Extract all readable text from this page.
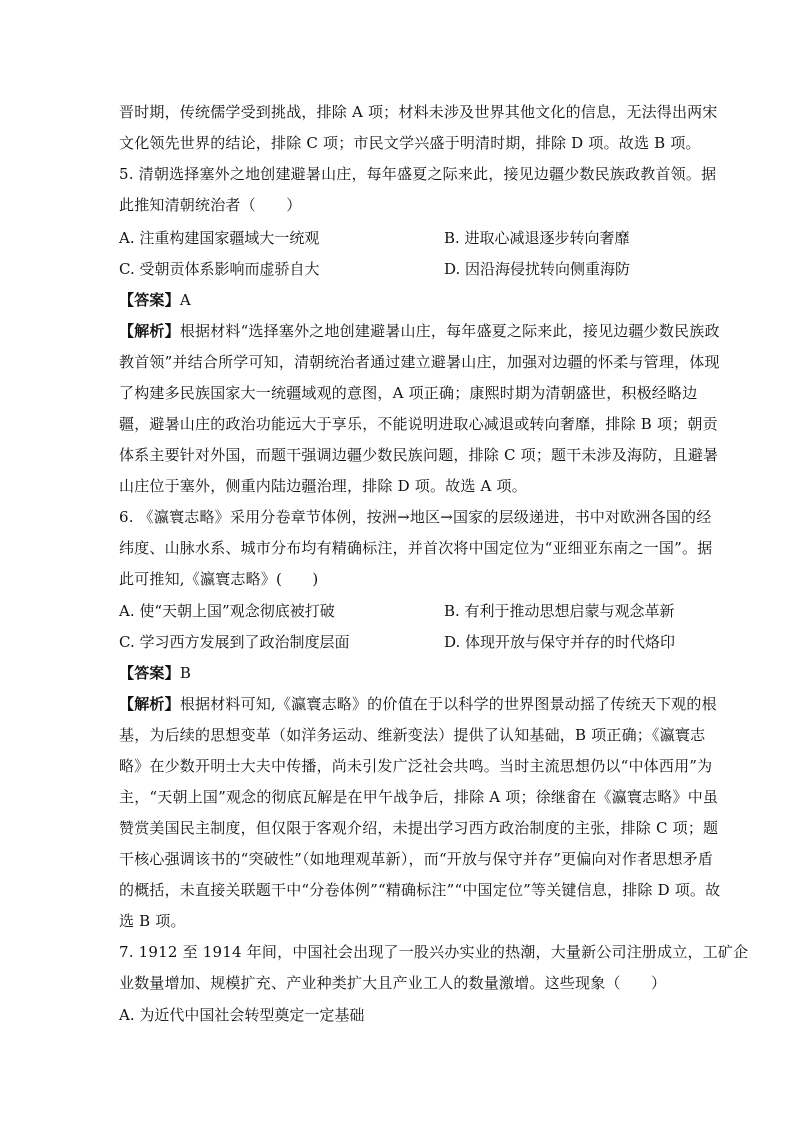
晋时期，传统儒学受到挑战，排除 A 项；材料未涉及世界其他文化的信息，无法得出两宋
文化领先世界的结论，排除 C 项；市民文学兴盛于明清时期，排除 D 项。故选 B 项。
5. 清朝选择塞外之地创建避暑山庄，每年盛夏之际来此，接见边疆少数民族政教首领。据
此推知清朝统治者（　　）
A. 注重构建国家疆域大一统观	B. 进取心减退逐步转向奢靡
C. 受朝贡体系影响而虚骄自大	D. 因沿海侵扰转向侧重海防
【答案】A
【解析】根据材料“选择塞外之地创建避暑山庄，每年盛夏之际来此，接见边疆少数民族政
教首领”并结合所学可知，清朝统治者通过建立避暑山庄，加强对边疆的怀柔与管理，体现
了构建多民族国家大一统疆域观的意图，A 项正确；康熙时期为清朝盛世，积极经略边
疆，避暑山庄的政治功能远大于享乐，不能说明进取心减退或转向奢靡，排除 B 项；朝贡
体系主要针对外国，而题干强调边疆少数民族问题，排除 C 项；题干未涉及海防，且避暑
山庄位于塞外，侧重内陆边疆治理，排除 D 项。故选 A 项。
6. 《瀛寰志略》采用分卷章节体例，按洲→地区→国家的层级递进，书中对欧洲各国的经
纬度、山脉水系、城市分布均有精确标注，并首次将中国定位为“亚细亚东南之一国”。据
此可推知,《瀛寰志略》(　　)
A. 使“天朝上国”观念彻底被打破	B. 有利于推动思想启蒙与观念革新
C. 学习西方发展到了政治制度层面	D. 体现开放与保守并存的时代烙印
【答案】B
【解析】根据材料可知,《瀛寰志略》的价值在于以科学的世界图景动摇了传统天下观的根
基，为后续的思想变革（如洋务运动、维新变法）提供了认知基础，B 项正确；《瀛寰志
略》在少数开明士大夫中传播，尚未引发广泛社会共鸣。当时主流思想仍以“中体西用”为
主，“天朝上国”观念的彻底瓦解是在甲午战争后，排除 A 项；徐继畬在《瀛寰志略》中虽
赞赏美国民主制度，但仅限于客观介绍，未提出学习西方政治制度的主张，排除 C 项；题
干核心强调该书的“突破性”（如地理观革新），而“开放与保守并存”更偏向对作者思想矛盾
的概括，未直接关联题干中“分卷体例”“精确标注”“中国定位”等关键信息，排除 D 项。故
选 B 项。
7. 1912 至 1914 年间，中国社会出现了一股兴办实业的热潮，大量新公司注册成立，工矿企
业数量增加、规模扩充、产业种类扩大且产业工人的数量激增。这些现象（　　）
A. 为近代中国社会转型奠定一定基础
